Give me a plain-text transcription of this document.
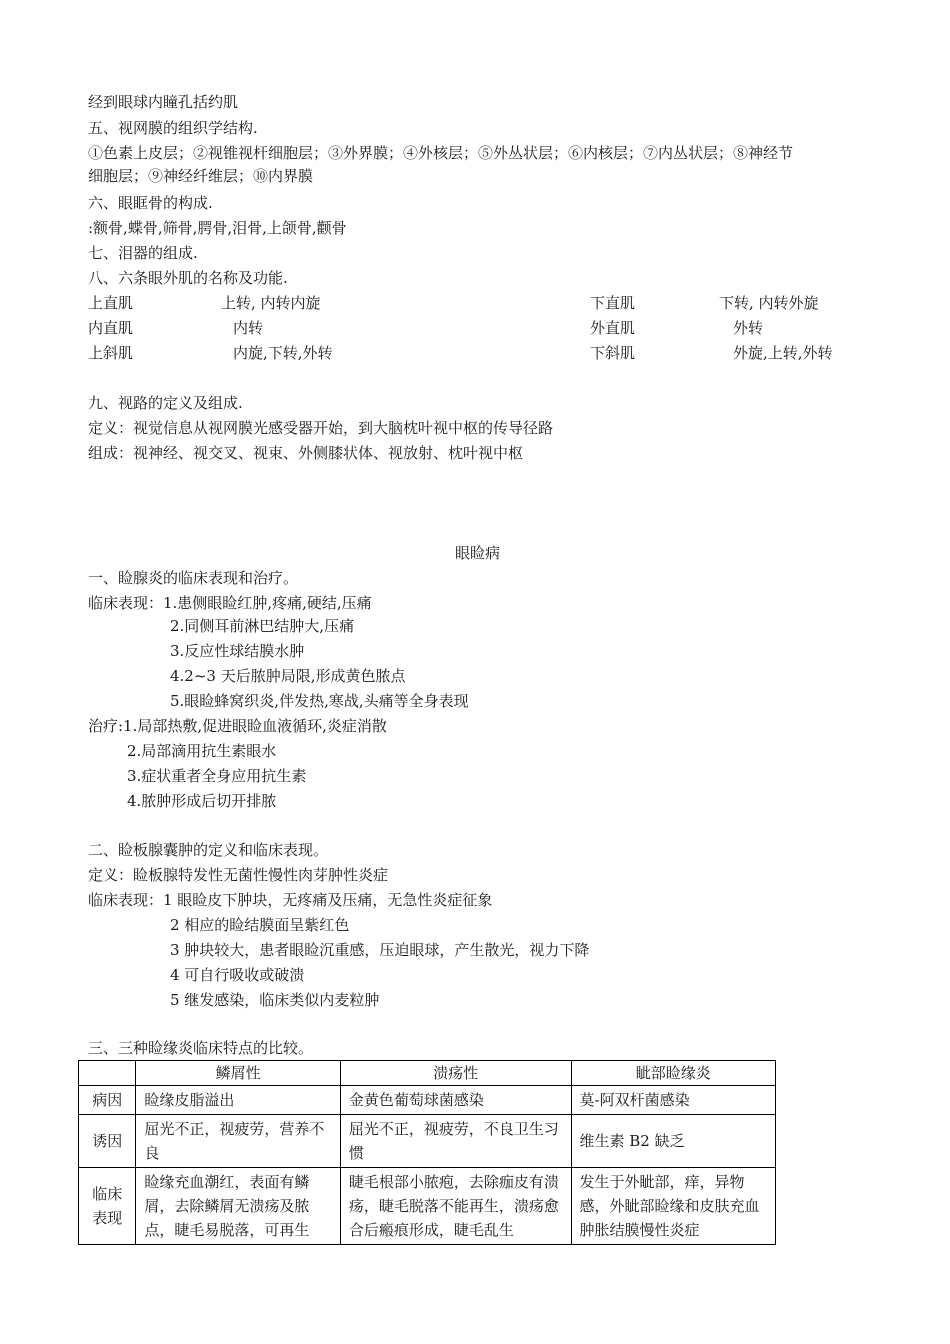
经到眼球内瞳孔括约肌
五、视网膜的组织学结构.
①色素上皮层；②视锥视杆细胞层；③外界膜；④外核层；⑤外丛状层；⑥内核层；⑦内丛状层；⑧神经节
细胞层；⑨神经纤维层；⑩内界膜
六、眼眶骨的构成.
:额骨,蝶骨,筛骨,腭骨,泪骨,上颌骨,颧骨
七、泪器的组成.
八、六条眼外肌的名称及功能.
上直肌	上转, 内转内旋	下直肌	下转, 内转外旋
内直肌	内转	外直肌	外转
上斜肌	内旋,下转,外转	下斜肌	外旋,上转,外转
九、视路的定义及组成.
定义：视觉信息从视网膜光感受器开始，到大脑枕叶视中枢的传导径路
组成：视神经、视交叉、视束、外侧膝状体、视放射、枕叶视中枢
眼睑病
一、睑腺炎的临床表现和治疗。
临床表现：1.患侧眼睑红肿,疼痛,硬结,压痛
2.同侧耳前淋巴结肿大,压痛
3.反应性球结膜水肿
4.2~3 天后脓肿局限,形成黄色脓点
5.眼睑蜂窝织炎,伴发热,寒战,头痛等全身表现
治疗:1.局部热敷,促进眼睑血液循环,炎症消散
2.局部滴用抗生素眼水
3.症状重者全身应用抗生素
4.脓肿形成后切开排脓
二、睑板腺囊肿的定义和临床表现。
定义：睑板腺特发性无菌性慢性肉芽肿性炎症
临床表现：1 眼睑皮下肿块，无疼痛及压痛，无急性炎症征象
2 相应的睑结膜面呈紫红色
3 肿块较大，患者眼睑沉重感，压迫眼球，产生散光，视力下降
4 可自行吸收或破溃
5 继发感染，临床类似内麦粒肿
三、三种睑缘炎临床特点的比较。
	鳞屑性	溃疡性	眦部睑缘炎
病因	睑缘皮脂溢出	金黄色葡萄球菌感染	莫-阿双杆菌感染
诱因	屈光不正，视疲劳，营养不良	屈光不正，视疲劳，不良卫生习惯	维生素 B2 缺乏
临床
表现	睑缘充血潮红，表面有鳞屑，去除鳞屑无溃疡及脓点，睫毛易脱落，可再生	睫毛根部小脓疱，去除痂皮有溃疡，睫毛脱落不能再生，溃疡愈合后瘢痕形成，睫毛乱生	发生于外眦部，痒，异物感，外眦部睑缘和皮肤充血肿胀结膜慢性炎症
